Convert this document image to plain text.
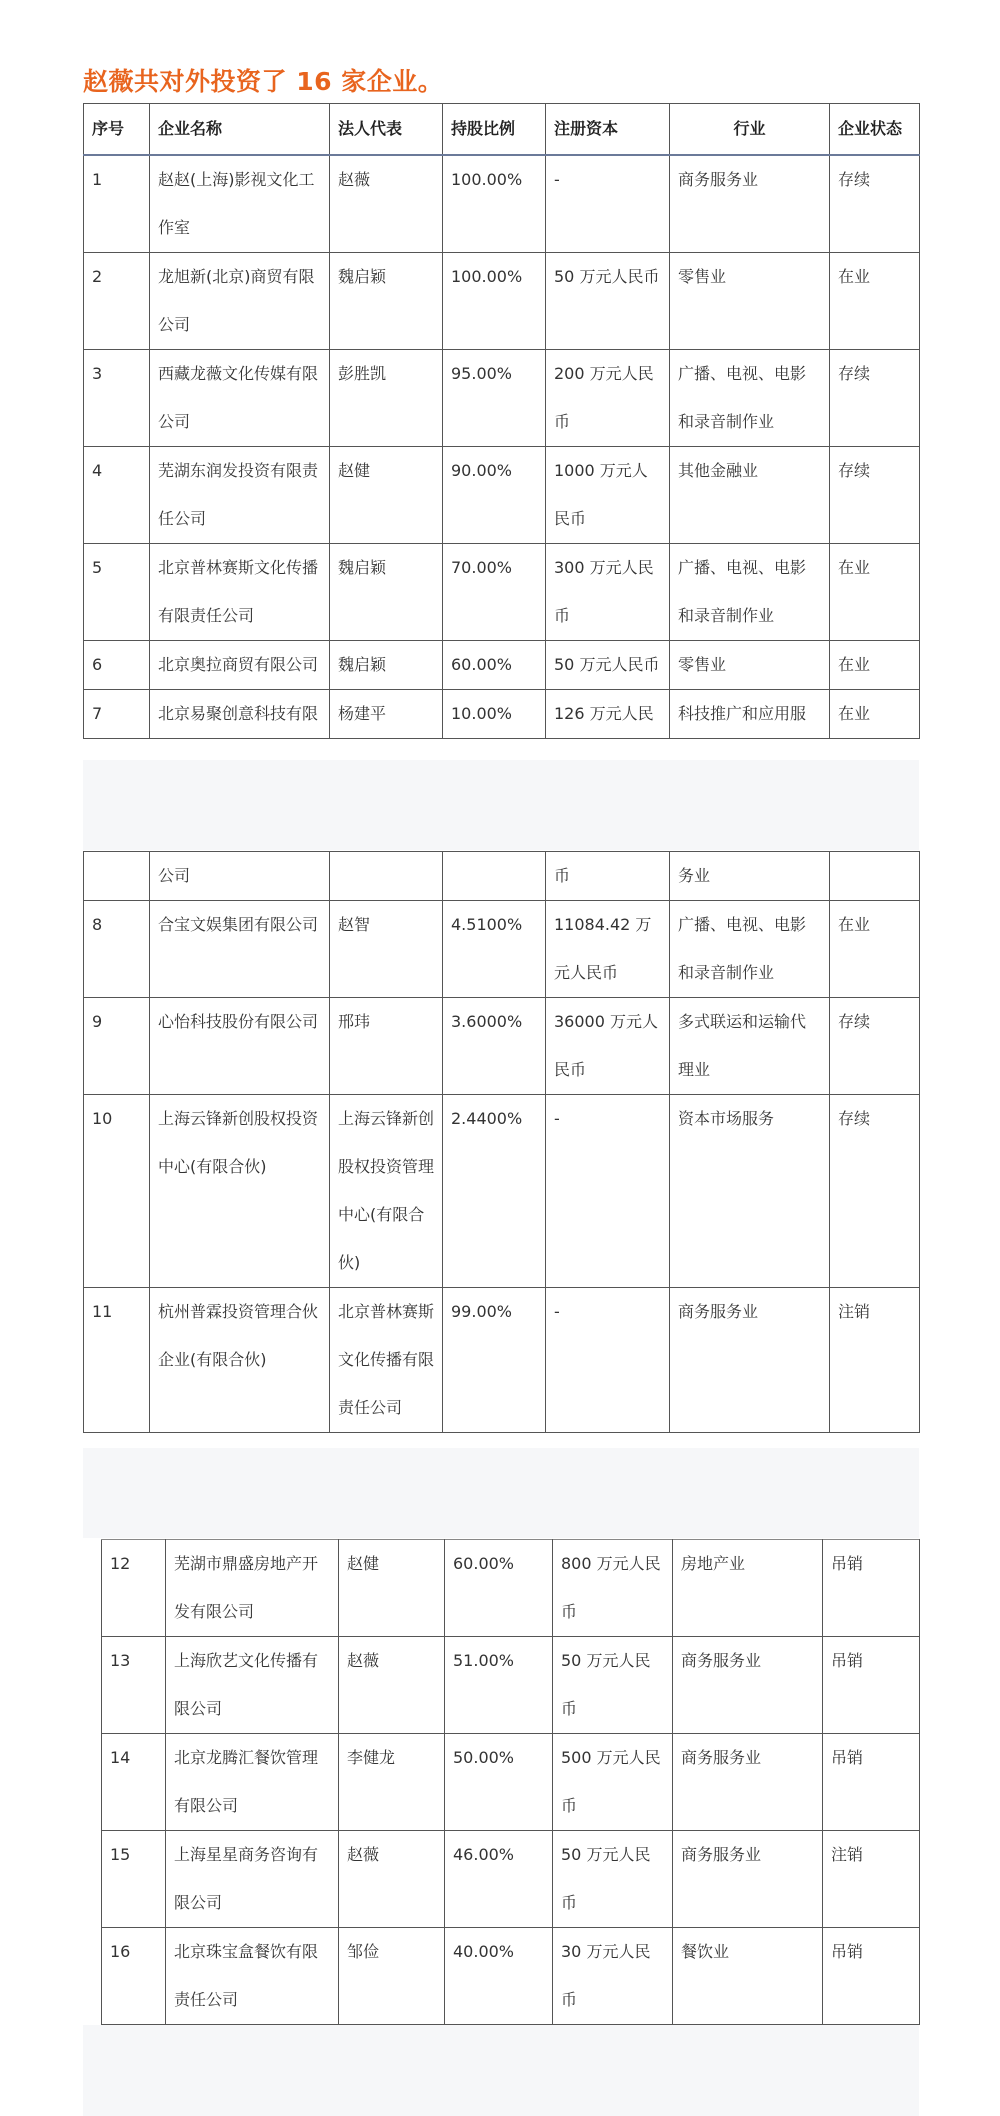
赵薇共对外投资了 16 家企业。
序号	企业名称	法人代表	持股比例	注册资本	行业	企业状态
1	赵赵(上海)影视文化工作室	赵薇	100.00%	-	商务服务业	存续
2	龙旭新(北京)商贸有限公司	魏启颖	100.00%	50 万元人民币	零售业	在业
3	西藏龙薇文化传媒有限公司	彭胜凯	95.00%	200 万元人民币	广播、电视、电影和录音制作业	存续
4	芜湖东润发投资有限责任公司	赵健	90.00%	1000 万元人民币	其他金融业	存续
5	北京普林赛斯文化传播有限责任公司	魏启颖	70.00%	300 万元人民币	广播、电视、电影和录音制作业	在业
6	北京奥拉商贸有限公司	魏启颖	60.00%	50 万元人民币	零售业	在业
7	北京易聚创意科技有限	杨建平	10.00%	126 万元人民	科技推广和应用服	在业
	公司			币	务业	
8	合宝文娱集团有限公司	赵智	4.5100%	11084.42 万元人民币	广播、电视、电影和录音制作业	在业
9	心怡科技股份有限公司	邢玮	3.6000%	36000 万元人民币	多式联运和运输代理业	存续
10	上海云锋新创股权投资中心(有限合伙)	上海云锋新创股权投资管理中心(有限合伙)	2.4400%	-	资本市场服务	存续
11	杭州普霖投资管理合伙企业(有限合伙)	北京普林赛斯文化传播有限责任公司	99.00%	-	商务服务业	注销
12	芜湖市鼎盛房地产开发有限公司	赵健	60.00%	800 万元人民币	房地产业	吊销
13	上海欣艺文化传播有限公司	赵薇	51.00%	50 万元人民币	商务服务业	吊销
14	北京龙腾汇餐饮管理有限公司	李健龙	50.00%	500 万元人民币	商务服务业	吊销
15	上海星星商务咨询有限公司	赵薇	46.00%	50 万元人民币	商务服务业	注销
16	北京珠宝盒餐饮有限责任公司	邹俭	40.00%	30 万元人民币	餐饮业	吊销
